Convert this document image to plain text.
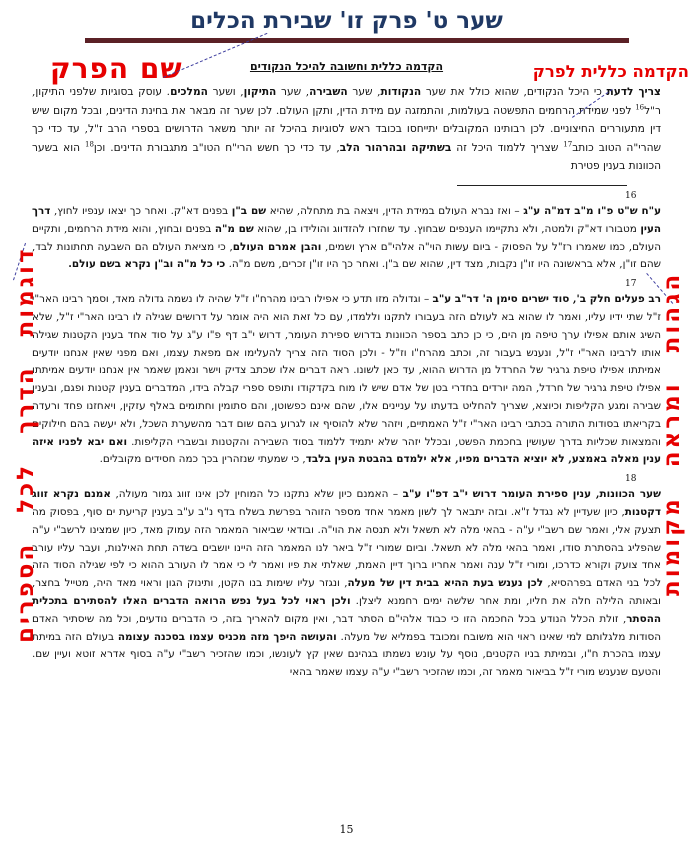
שער ט' פרק זו' שבירת הכלים
שם הפרק	הקדמה כללית לפרק
דוגמות הדרך לכל הספרים	הגהות ומראה מקומות
הקדמה כללית וחשובה להיכל הנקודים

צריך לדעת כי היכל הנקודים, שהוא כולל את שער הנקודות, שער השבירה, שער התיקון, ושער המלכים. עוסק בסוגיות שלפני התיקון, ר"ל$^{16}$ לפני שמידת הרחמים התפשטה בעולמות, והתמזגה עם מידת הדין, ותקן העולם. לכן שער זה מבאר את בחינת הדינים, ובכל מקום שיש דין מתעוררים החיצוניים. לכן רבותינו המקובלים יתייחסו בכובד ראש לסוגיות בהיכל זה יותר משאר הדרושים בספרי הרב ז"ל, עד כדי כך שהרי"ה הטוב כותב$^{17}$ שצריך ללמוד היכל זה בשתיקה ובהרהור הלב, עד כדי כך חשש הרי"ח הטו"ב מתגבורת הדינים. וכן$^{18}$ הוא בשער הכוונות בענין פטירת

16

ע"ח ש"ט פ"ו מ"ב דמ"ה ע"ג – ואז נברא העולם במידת הדין, ויצאה בת מתחלה, שהיא שם ב"ן בפנים דא"ק. ואחר כך יצאו ענפיו לחוץ, דרך העין מטבורו דא"ק ולמטה, ולא נתקיימו הענפים שבחוץ. עד שחזרו להזדווג והולידו בן, שהוא שם מ"ה בפנים ובחוץ, והוא מידת הרחמים, ותקיים העולם, כמו שאמרו רז"ל על הפסוק - ביום עשות הוי"ה אלהי"ם ארץ ושמים, והבן אמרם העולם, כי מציאת העולם הם השבעה תחתונות לבד, שהם זו"ן, אלא בראשונה היו זו"ן נקבות, מצד דין, שהוא שם ב"ן. ואחר כך היו זו"ן זכרים, משם מ"ה. כי כל מ"ה וב"ן נקרא בשם עולם.

17

רב פעלים חלק ב', סוד ישרים סימן ה' דר"ב ע"ב – וגדולה מזו תדע כי אפילו רבינו מהרח"ו ז"ל שהיה לו נשמה גדולה מאד, וסמך רבינו האר"י ז"ל שתי ידיו עליו, ואמר לו שהוא בא לעולם הזה בעבורו לתקנו וללמדו, עם כל זאת הוא היה אומר על דרושים שגילה לו רבינו האר"י ז"ל, שלא השיג אותם אפילו ערך טיפה מן הים, כי כן כתב בספר הכוונות בדרוש ספירת העומר, דרוש י"ב דף פ"ו ע"ג על סוד אחד בענין הקטנות שגילה אותו לרבינו האר"י ז"ל, ונענש בעבור זה, וכתב מהרח"ו וז"ל - ולכן הסוד הזה צריך להעלימו אם מפאת עצמו, ואם מפני שאין אנחנו יודעים אמיתתו אפילו טיפת גרגיר של החרדל מן הדרוש ההוא, עד כאן לשונו. ראה דברים אלו שכתב צדיק וישר ונאמן שאמר אין אנחנו יודעים אמיתתו אפילו טיפת גרגיר של חרדל, המה יורדים בחדרי בטן של אדם שיש לו מוח בקדקודו ותופס ספרי קבלה בידו, המדברים בענין קטנות ופגם, ובענין שבירה ומגע הקליפות וכיוצא, שצריך להחליט בדעתו על עניינים אלו, שהם אינם כפשוטן, והם סתומין וחתומים באלף עזקין, ויאחזנו פחד ורעדה בקריאתו בסודות התורה בכתבי רבינו האר"י ז"ל האמתיים, ויזהר שלא להוסיף או לגרוע בהם שום דבר מהשערת השכל, ולא יעשה בהם חילוקים והמצאות שכליות בדרך שעושין בחכמת הפשט, ובכלל יזהר שלא יתמיד ללמוד בסוד השבירה והקטנות ובשברי הקליפות. ואם יבא לפניו איזה ענין מאלה באמצע, לא יוציא הדברים מפיו, אלא ילמדם בהבטת העין בלבד, כי שמעתי שנזהרין בכך כמה חסידים מקובלים.

18

שער הכוונות, ענין ספירת העומר דרוש י"ב דפ"ו ע"ב – האמנם כיון שלא נתקנו כל המוחין לכן אינו זווג גמור מעולה, אמנם נקרא זווג דקטנות, כיון שעדיין לא נגדל ז"א. ובזה יתבאר לך לשון מאמר אחד מספר הזוהר בפרשת בשלח בדף נ"ב ע"ב בענין קריעת ים סוף, בפסוק מה תצעק אלי, ואמר שם רשב"י ע"ה - בהאי מלה לא תשאל ולא תנסה את הוי"ה. ובודאי שביאור המאמר הזה עמוק מאד, כיון שמצינו לרשב"י ע"ה שהפליג בהסתרת סודו, ואמר בהאי מלה לא תשאל. וביום שמורי ז"ל ביאר לנו המאמר הזה היינו יושבים בשדה תחת האילנות, ועבר עליו עורב אחד צועק וקורא כדרכו, ומורי ז"ל ענה ואמר אחריו ברוך דיין האמת, שאלתי את פיו ואמר לי כי אמר לו העורב ההוא כי לפי שגילה הסוד הזה לכל בני האדם בפרהסיא, לכן נענש בעת ההיא בבית דין של מעלה, ונגזר עליו שימות בנו הקטן, ותינוק הגון וראוי מאד היה, מטייל בחצר, ובאותה הלילה חלה את חליו, ומת אחר שלשה ימים רחמנא ליצלן. ולכן ראוי לכל בעל נפש הרואה הדברים האלו להסתירם בתכלית ההסתר, זולת הכלל הנודע בכל החכמה הזו כי כבוד אלהי"ם הסתר דבר, ואין מקום להאריך בזה, כי הדברים נודעים, וכל מה שיסתיר האדם הסודות מלגלותם למי שאינו ראוי הוא משובח ומכובד בפמליא של מעלה. והעושה היפך מזה מכניס עצמו בסכנה עצומה בעולם הזה במיתת עצמו בהכרת ח"ו, ובמיתת בניו הקטנים, נוסף על עונש נשמתו בגהינם שאין קץ לעונשו, וכמו שהזכיר רשב"י ע"ה בסוף אדרא זוטא ועיין שם. והטעם שנענש מורי ז"ל בביאור מאמר זה, וכמו שהזכיר רשב"י ע"ה עצמו שאמר בהאי

15
